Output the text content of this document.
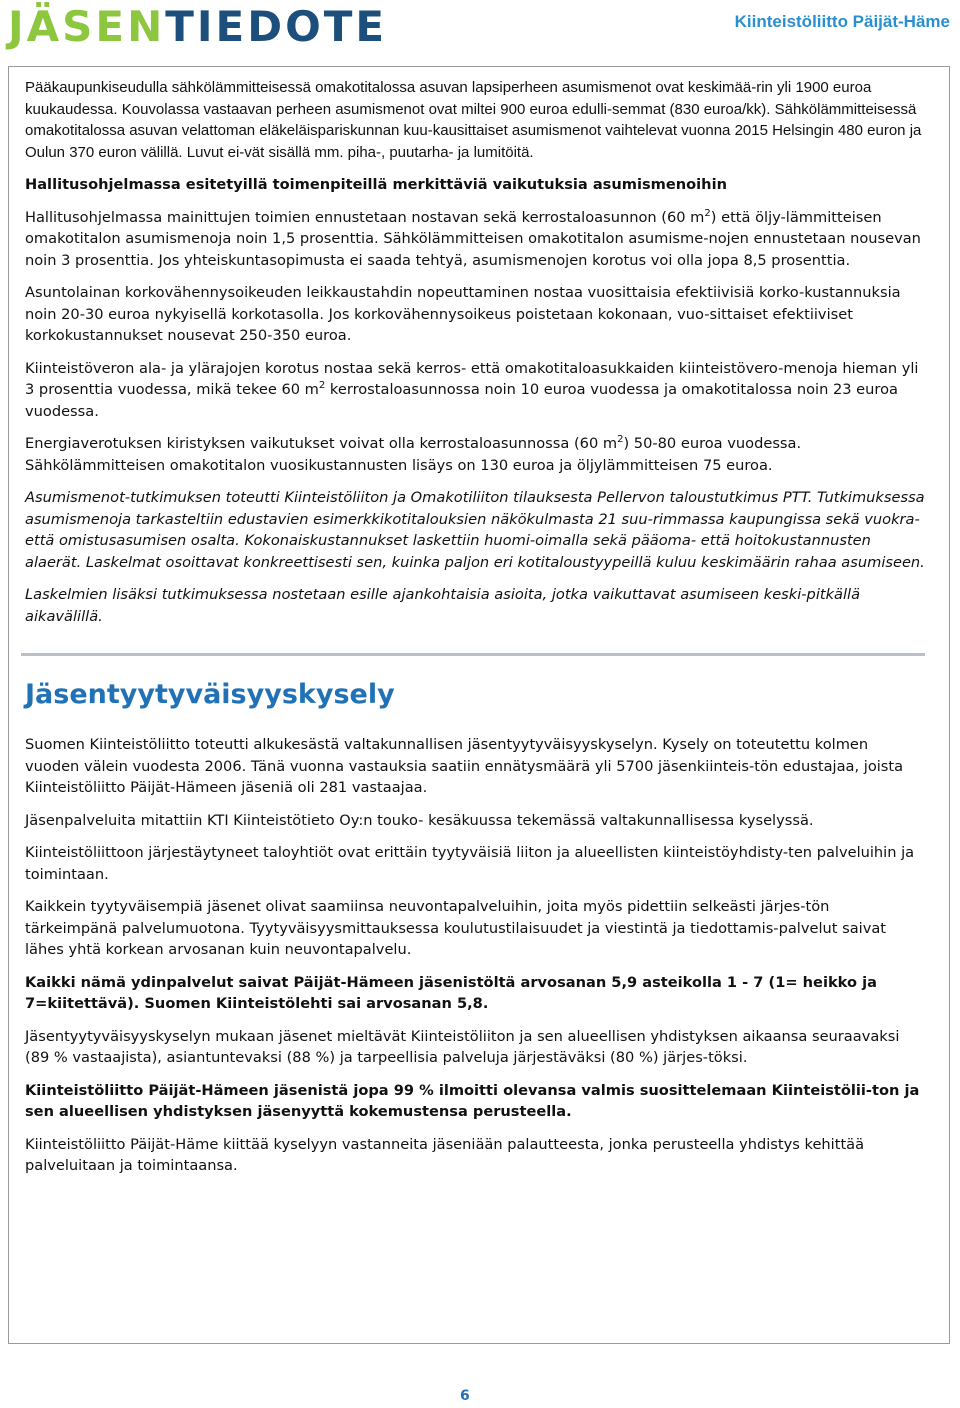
JÄSENTIEDOTE	Kiinteistöliitto Päijät-Häme

Pääkaupunkiseudulla sähkölämmitteisessä omakotitalossa asuvan lapsiperheen asumismenot ovat keskimää-rin yli 1900 euroa kuukaudessa. Kouvolassa vastaavan perheen asumismenot ovat miltei 900 euroa edulli-semmat (830 euroa/kk). Sähkölämmitteisessä omakotitalossa asuvan velattoman eläkeläispariskunnan kuu-kausittaiset asumismenot vaihtelevat vuonna 2015 Helsingin 480 euron ja Oulun 370 euron välillä. Luvut ei-vät sisällä mm. piha-, puutarha- ja lumitöitä.

Hallitusohjelmassa esitetyillä toimenpiteillä merkittäviä vaikutuksia asumismenoihin

Hallitusohjelmassa mainittujen toimien ennustetaan nostavan sekä kerrostaloasunnon (60 $m^2$) että öljy-lämmitteisen omakotitalon asumismenoja noin 1,5 prosenttia. Sähkölämmitteisen omakotitalon asumisme-nojen ennustetaan nousevan noin 3 prosenttia. Jos yhteiskuntasopimusta ei saada tehtyä, asumismenojen korotus voi olla jopa 8,5 prosenttia.

Asuntolainan korkovähennysoikeuden leikkaustahdin nopeuttaminen nostaa vuosittaisia efektiivisiä korko-kustannuksia noin 20-30 euroa nykyisellä korkotasolla. Jos korkovähennysoikeus poistetaan kokonaan, vuo-sittaiset efektiiviset korkokustannukset nousevat 250-350 euroa.

Kiinteistöveron ala- ja ylärajojen korotus nostaa sekä kerros- että omakotitaloasukkaiden kiinteistövero-menoja hieman yli 3 prosenttia vuodessa, mikä tekee 60 $m^2$ kerrostaloasunnossa noin 10 euroa vuodessa ja omakotitalossa noin 23 euroa vuodessa.

Energiaverotuksen kiristyksen vaikutukset voivat olla kerrostaloasunnossa (60 $m^2$) 50-80 euroa vuodessa. Sähkölämmitteisen omakotitalon vuosikustannusten lisäys on 130 euroa ja öljylämmitteisen 75 euroa.

Asumismenot-tutkimuksen toteutti Kiinteistöliiton ja Omakotiliiton tilauksesta Pellervon taloustutkimus PTT. Tutkimuksessa asumismenoja tarkasteltiin edustavien esimerkkikotitalouksien näkökulmasta 21 suu-rimmassa kaupungissa sekä vuokra- että omistusasumisen osalta. Kokonaiskustannukset laskettiin huomi-oimalla sekä pääoma- että hoitokustannusten alaerät. Laskelmat osoittavat konkreettisesti sen, kuinka paljon eri kotitaloustyypeillä kuluu keskimäärin rahaa asumiseen.

Laskelmien lisäksi tutkimuksessa nostetaan esille ajankohtaisia asioita, jotka vaikuttavat asumiseen keski-pitkällä aikavälillä.

Jäsentyytyväisyyskysely

Suomen Kiinteistöliitto toteutti alkukesästä valtakunnallisen jäsentyytyväisyyskyselyn. Kysely on toteutettu kolmen vuoden välein vuodesta 2006. Tänä vuonna vastauksia saatiin ennätysmäärä yli 5700 jäsenkiinteis-tön edustajaa, joista Kiinteistöliitto Päijät-Hämeen jäseniä oli 281 vastaajaa.

Jäsenpalveluita mitattiin KTI Kiinteistötieto Oy:n touko- kesäkuussa tekemässä valtakunnallisessa kyselyssä.

Kiinteistöliittoon järjestäytyneet taloyhtiöt ovat erittäin tyytyväisiä liiton ja alueellisten kiinteistöyhdisty-ten palveluihin ja toimintaan.

Kaikkein tyytyväisempiä jäsenet olivat saamiinsa neuvontapalveluihin, joita myös pidettiin selkeästi järjes-tön tärkeimpänä palvelumuotona. Tyytyväisyysmittauksessa koulutustilaisuudet ja viestintä ja tiedottamis-palvelut saivat lähes yhtä korkean arvosanan kuin neuvontapalvelu.

Kaikki nämä ydinpalvelut saivat Päijät-Hämeen jäsenistöltä arvosanan 5,9 asteikolla 1 - 7 (1= heikko ja 7=kiitettävä). Suomen Kiinteistölehti sai arvosanan 5,8.

Jäsentyytyväisyyskyselyn mukaan jäsenet mieltävät Kiinteistöliiton ja sen alueellisen yhdistyksen aikaansa seuraavaksi (89 % vastaajista), asiantuntevaksi (88 %) ja tarpeellisia palveluja järjestäväksi (80 %) järjes-töksi.

Kiinteistöliitto Päijät-Hämeen jäsenistä jopa 99 % ilmoitti olevansa valmis suosittelemaan Kiinteistölii-ton ja sen alueellisen yhdistyksen jäsenyyttä kokemustensa perusteella.

Kiinteistöliitto Päijät-Häme kiittää kyselyyn vastanneita jäseniään palautteesta, jonka perusteella yhdistys kehittää palveluitaan ja toimintaansa.

6
